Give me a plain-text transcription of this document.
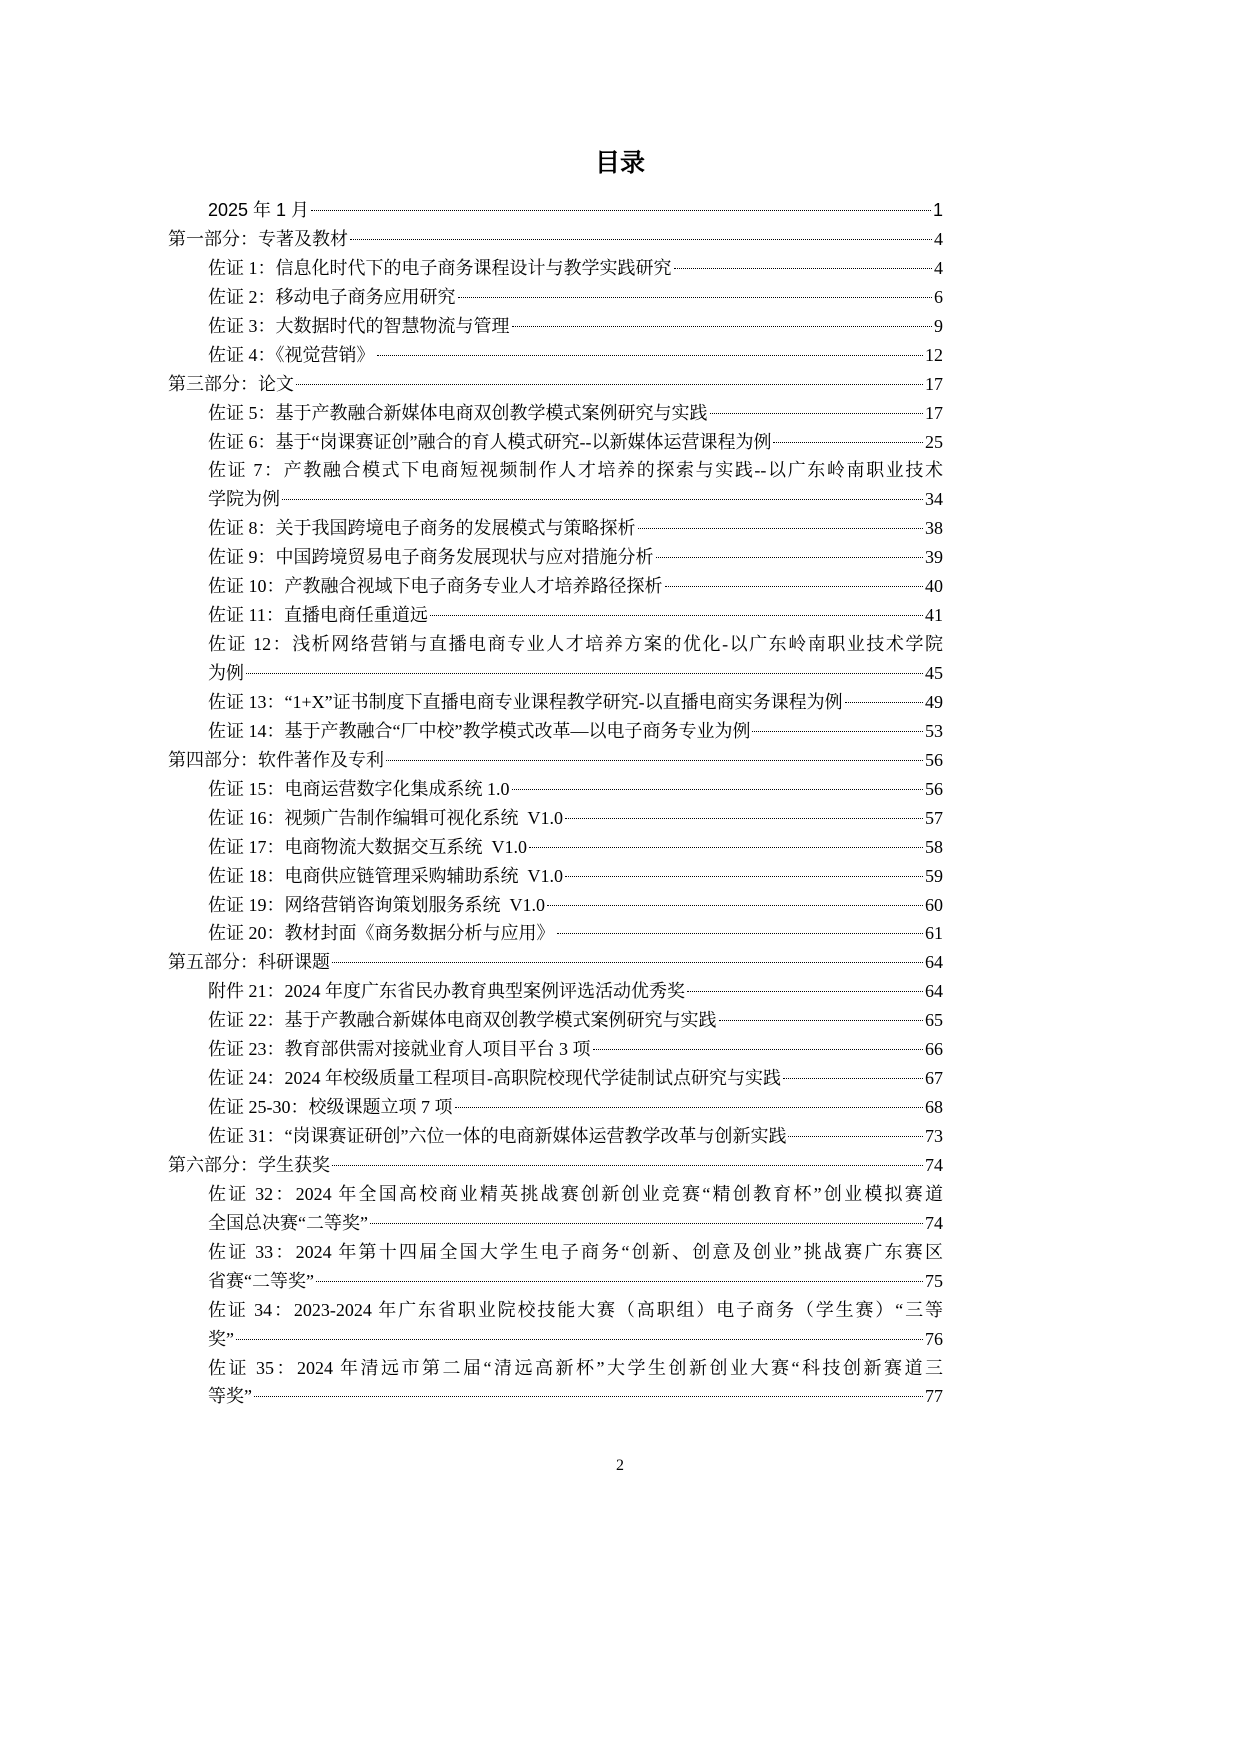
目录
2025 年 1 月	1
第一部分：专著及教材	4
佐证 1：信息化时代下的电子商务课程设计与教学实践研究	4
佐证 2：移动电子商务应用研究	6
佐证 3：大数据时代的智慧物流与管理	9
佐证 4：《视觉营销》	12
第三部分：论文	17
佐证 5：基于产教融合新媒体电商双创教学模式案例研究与实践	17
佐证 6：基于“岗课赛证创”融合的育人模式研究--以新媒体运营课程为例	25
佐证 7：产教融合模式下电商短视频制作人才培养的探索与实践--以广东岭南职业技术
学院为例	34
佐证 8：关于我国跨境电子商务的发展模式与策略探析	38
佐证 9：中国跨境贸易电子商务发展现状与应对措施分析	39
佐证 10：产教融合视域下电子商务专业人才培养路径探析	40
佐证 11：直播电商任重道远	41
佐证 12：浅析网络营销与直播电商专业人才培养方案的优化-以广东岭南职业技术学院
为例	45
佐证 13：“1+X”证书制度下直播电商专业课程教学研究-以直播电商实务课程为例	49
佐证 14：基于产教融合“厂中校”教学模式改革—以电子商务专业为例	53
第四部分：软件著作及专利	56
佐证 15：电商运营数字化集成系统 1.0	56
佐证 16：视频广告制作编辑可视化系统  V1.0	57
佐证 17：电商物流大数据交互系统  V1.0	58
佐证 18：电商供应链管理采购辅助系统  V1.0	59
佐证 19：网络营销咨询策划服务系统  V1.0	60
佐证 20：教材封面《商务数据分析与应用》	61
第五部分：科研课题	64
附件 21：2024 年度广东省民办教育典型案例评选活动优秀奖	64
佐证 22：基于产教融合新媒体电商双创教学模式案例研究与实践	65
佐证 23：教育部供需对接就业育人项目平台 3 项	66
佐证 24：2024 年校级质量工程项目-高职院校现代学徒制试点研究与实践	67
佐证 25-30：校级课题立项 7 项	68
佐证 31：“岗课赛证研创”六位一体的电商新媒体运营教学改革与创新实践	73
第六部分：学生获奖	74
佐证 32：2024 年全国高校商业精英挑战赛创新创业竞赛“精创教育杯”创业模拟赛道
全国总决赛“二等奖”	74
佐证 33：2024 年第十四届全国大学生电子商务“创新、创意及创业”挑战赛广东赛区
省赛“二等奖”	75
佐证 34：2023-2024 年广东省职业院校技能大赛（高职组）电子商务（学生赛）“三等
奖”	76
佐证 35：2024 年清远市第二届“清远高新杯”大学生创新创业大赛“科技创新赛道三
等奖”	77
2
